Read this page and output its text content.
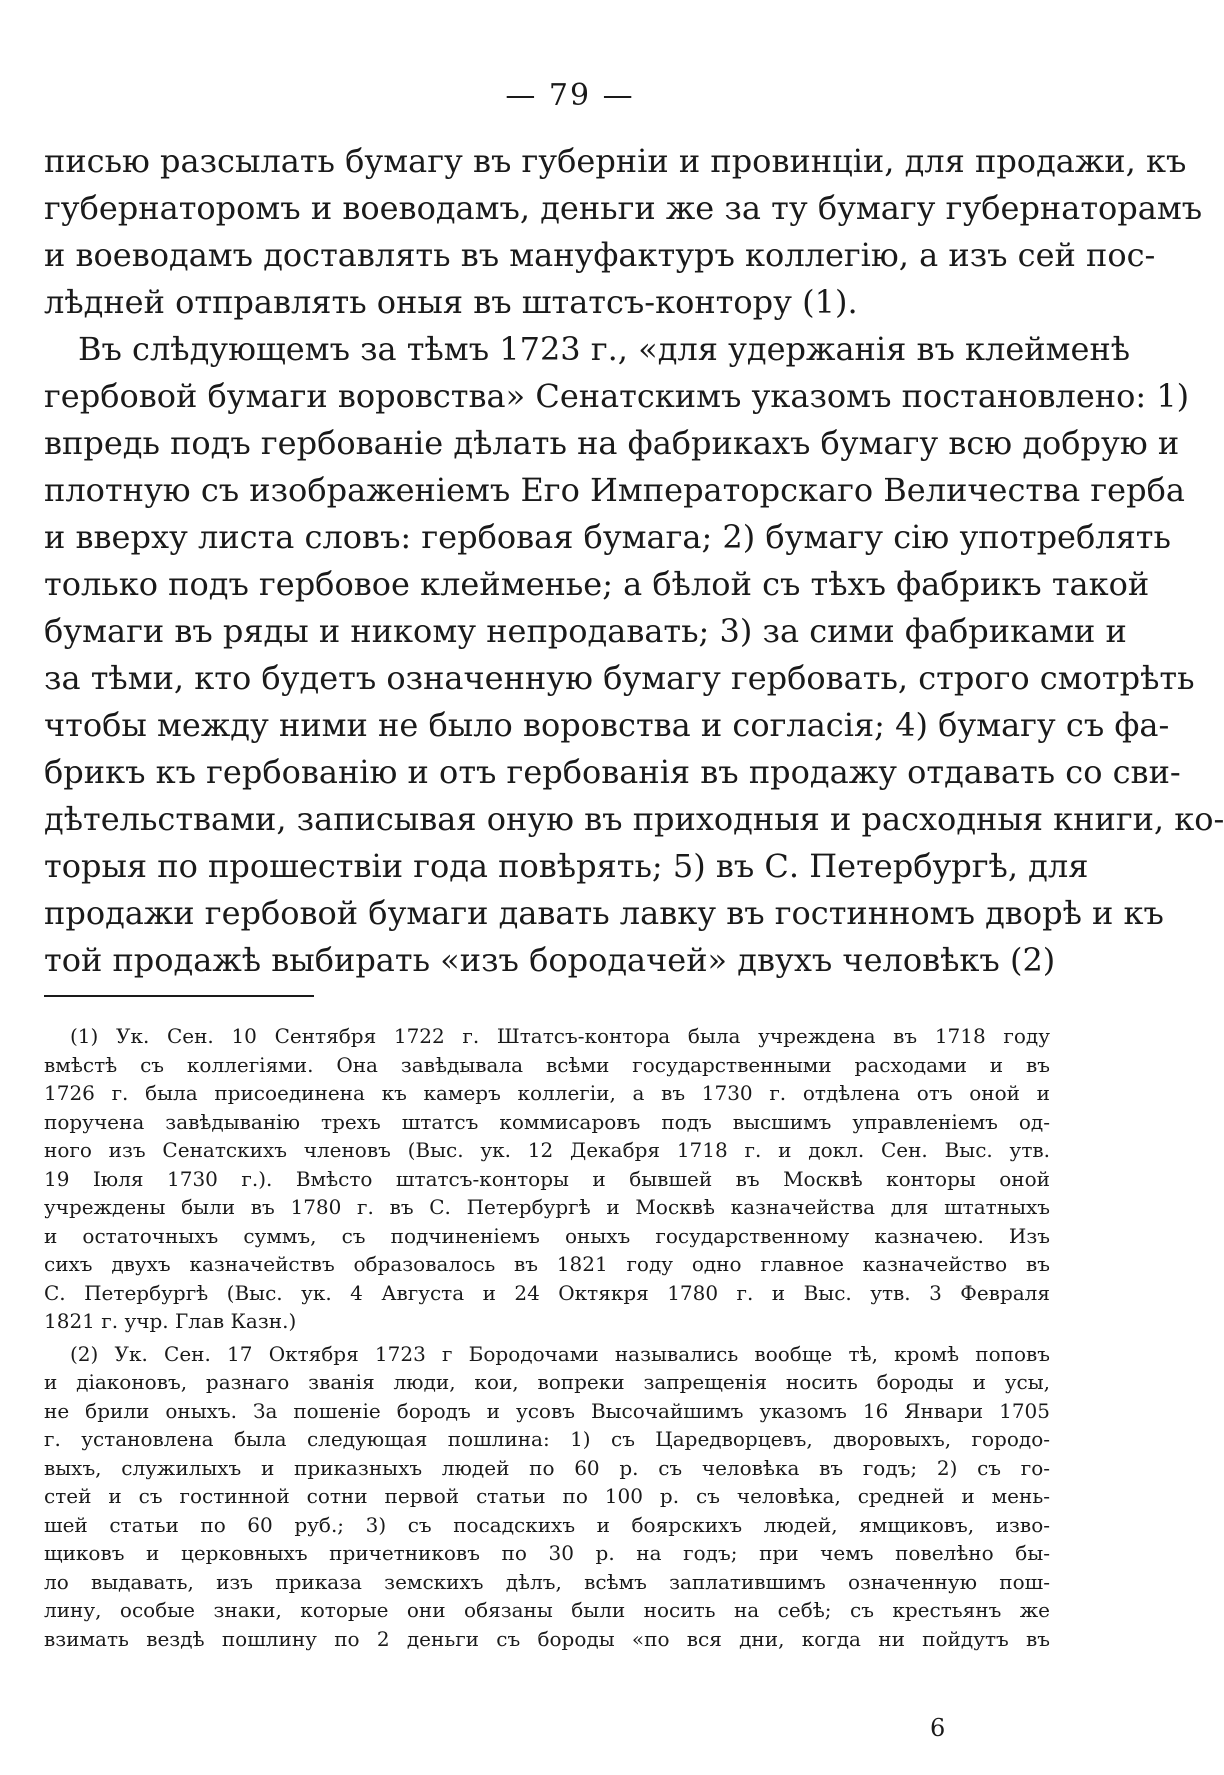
— 79 —
писью разсылать бумагу въ губерніи и провинціи, для продажи, къ
губернаторомъ и воеводамъ, деньги же за ту бумагу губернаторамъ
и воеводамъ доставлять въ мануфактуръ коллегію, а изъ сей пос-
лѣдней отправлять оныя въ штатсъ-контору (1).
Въ слѣдующемъ за тѣмъ 1723 г., «для удержанія въ клейменѣ
гербовой бумаги воровства» Сенатскимъ указомъ постановлено: 1)
впредь подъ гербованіе дѣлать на фабрикахъ бумагу всю добрую и
плотную съ изображеніемъ Его Императорскаго Величества герба
и вверху листа словъ: гербовая бумага; 2) бумагу сію употреблять
только подъ гербовое клейменье; а бѣлой съ тѣхъ фабрикъ такой
бумаги въ ряды и никому непродавать; 3) за сими фабриками и
за тѣми, кто будетъ означенную бумагу гербовать, строго смотрѣть
чтобы между ними не было воровства и согласія; 4) бумагу съ фа-
брикъ къ гербованію и отъ гербованія въ продажу отдавать со сви-
дѣтельствами, записывая оную въ приходныя и расходныя книги, ко-
торыя по прошествіи года повѣрять; 5) въ С. Петербургѣ, для
продажи гербовой бумаги давать лавку въ гостинномъ дворѣ и къ
той продажѣ выбирать «изъ бородачей» двухъ человѣкъ (2)
(1) Ук. Сен. 10 Сентября 1722 г. Штатсъ-контора была учреждена въ 1718 году
вмѣстѣ съ коллегіями. Она завѣдывала всѣми государственными расходами и въ
1726 г. была присоединена къ камеръ коллегіи, а въ 1730 г. отдѣлена отъ оной и
поручена завѣдыванію трехъ штатсъ коммисаровъ подъ высшимъ управленіемъ од-
ного изъ Сенатскихъ членовъ (Выс. ук. 12 Декабря 1718 г. и докл. Сен. Выс. утв.
19 Іюля 1730 г.). Вмѣсто штатсъ-конторы и бывшей въ Москвѣ конторы оной
учреждены были въ 1780 г. въ С. Петербургѣ и Москвѣ казначейства для штатныхъ
и остаточныхъ суммъ, съ подчиненіемъ оныхъ государственному казначею. Изъ
сихъ двухъ казначействъ образовалось въ 1821 году одно главное казначейство въ
С. Петербургѣ (Выс. ук. 4 Августа и 24 Октякря 1780 г. и Выс. утв. 3 Февраля
1821 г. учр. Глав Казн.)
(2) Ук. Сен. 17 Октября 1723 г Бородочами назывались вообще тѣ, кромѣ поповъ
и діаконовъ, разнаго званія люди, кои, вопреки запрещенія носить бороды и усы,
не брили оныхъ. За пошеніе бородъ и усовъ Высочайшимъ указомъ 16 Январи 1705
г. установлена была следующая пошлина: 1) съ Царедворцевъ, дворовыхъ, городо-
выхъ, служилыхъ и приказныхъ людей по 60 р. съ человѣка въ годъ; 2) съ го-
стей и съ гостинной сотни первой статьи по 100 р. съ человѣка, средней и мень-
шей статьи по 60 руб.; 3) съ посадскихъ и боярскихъ людей, ямщиковъ, изво-
щиковъ и церковныхъ причетниковъ по 30 р. на годъ; при чемъ повелѣно бы-
ло выдавать, изъ приказа земскихъ дѣлъ, всѣмъ заплатившимъ означенную пош-
лину, особые знаки, которые они обязаны были носить на себѣ; съ крестьянъ же
взимать вездѣ пошлину по 2 деньги съ бороды «по вся дни, когда ни пойдутъ въ
6
